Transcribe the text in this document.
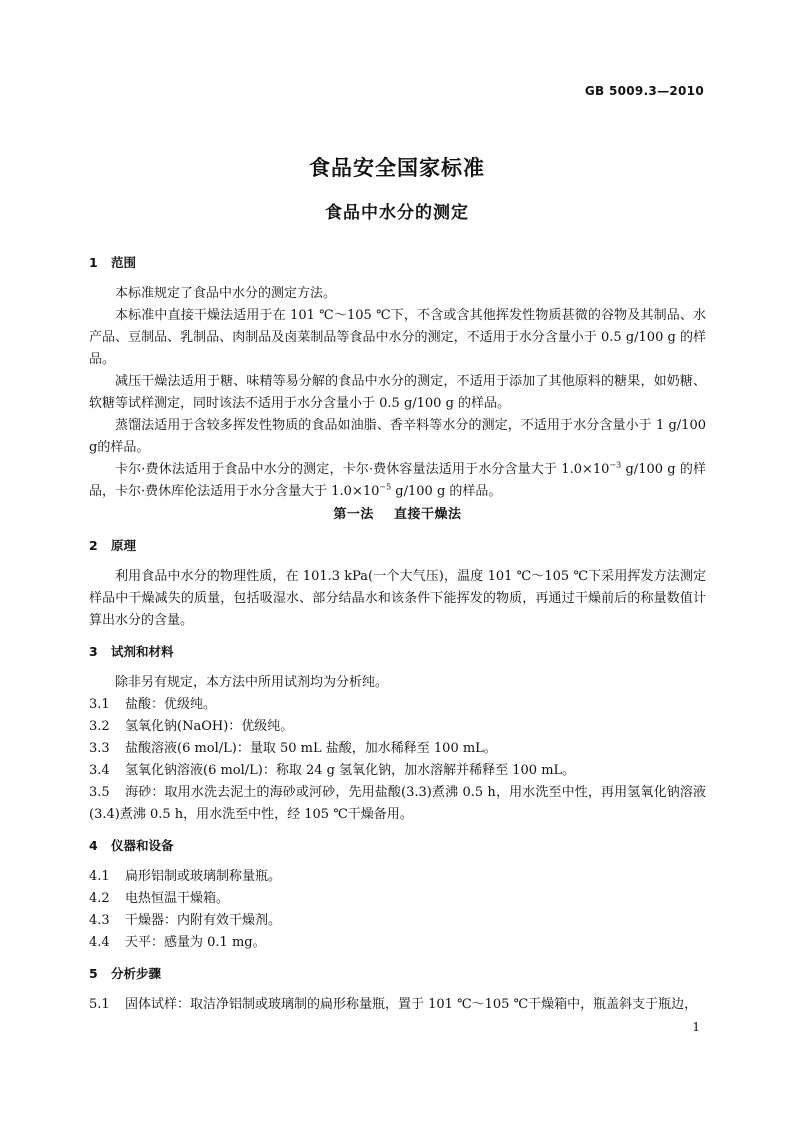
GB 5009.3—2010
食品安全国家标准
食品中水分的测定
1 范围

本标准规定了食品中水分的测定方法。

本标准中直接干燥法适用于在 101 ℃～105 ℃下，不含或含其他挥发性物质甚微的谷物及其制品、水产品、豆制品、乳制品、肉制品及卤菜制品等食品中水分的测定，不适用于水分含量小于 0.5 g/100 g 的样品。

减压干燥法适用于糖、味精等易分解的食品中水分的测定，不适用于添加了其他原料的糖果，如奶糖、软糖等试样测定，同时该法不适用于水分含量小于 0.5 g/100 g 的样品。

蒸馏法适用于含较多挥发性物质的食品如油脂、香辛料等水分的测定，不适用于水分含量小于 1 g/100 g的样品。

卡尔·费休法适用于食品中水分的测定，卡尔·费休容量法适用于水分含量大于 $1.0\times 10^{-3}$ g/100 g 的样品，卡尔·费休库伦法适用于水分含量大于 $1.0\times 10^{-5}$ g/100 g 的样品。

第一法 直接干燥法
2 原理

利用食品中水分的物理性质，在 101.3 kPa(一个大气压)，温度 101 ℃～105 ℃下采用挥发方法测定样品中干燥减失的质量，包括吸湿水、部分结晶水和该条件下能挥发的物质，再通过干燥前后的称量数值计算出水分的含量。

3 试剂和材料

除非另有规定，本方法中所用试剂均为分析纯。

3.1 盐酸：优级纯。

3.2 氢氧化钠(NaOH)：优级纯。

3.3 盐酸溶液(6 mol/L)：量取 50 mL 盐酸，加水稀释至 100 mL。

3.4 氢氧化钠溶液(6 mol/L)：称取 24 g 氢氧化钠，加水溶解并稀释至 100 mL。

3.5 海砂：取用水洗去泥土的海砂或河砂，先用盐酸(3.3)煮沸 0.5 h，用水洗至中性，再用氢氧化钠溶液(3.4)煮沸 0.5 h，用水洗至中性，经 105 ℃干燥备用。

4 仪器和设备

4.1 扁形铝制或玻璃制称量瓶。

4.2 电热恒温干燥箱。

4.3 干燥器：内附有效干燥剂。

4.4 天平：感量为 0.1 mg。

5 分析步骤

5.1 固体试样：取洁净铝制或玻璃制的扁形称量瓶，置于 101 ℃～105 ℃干燥箱中，瓶盖斜支于瓶边，

1
